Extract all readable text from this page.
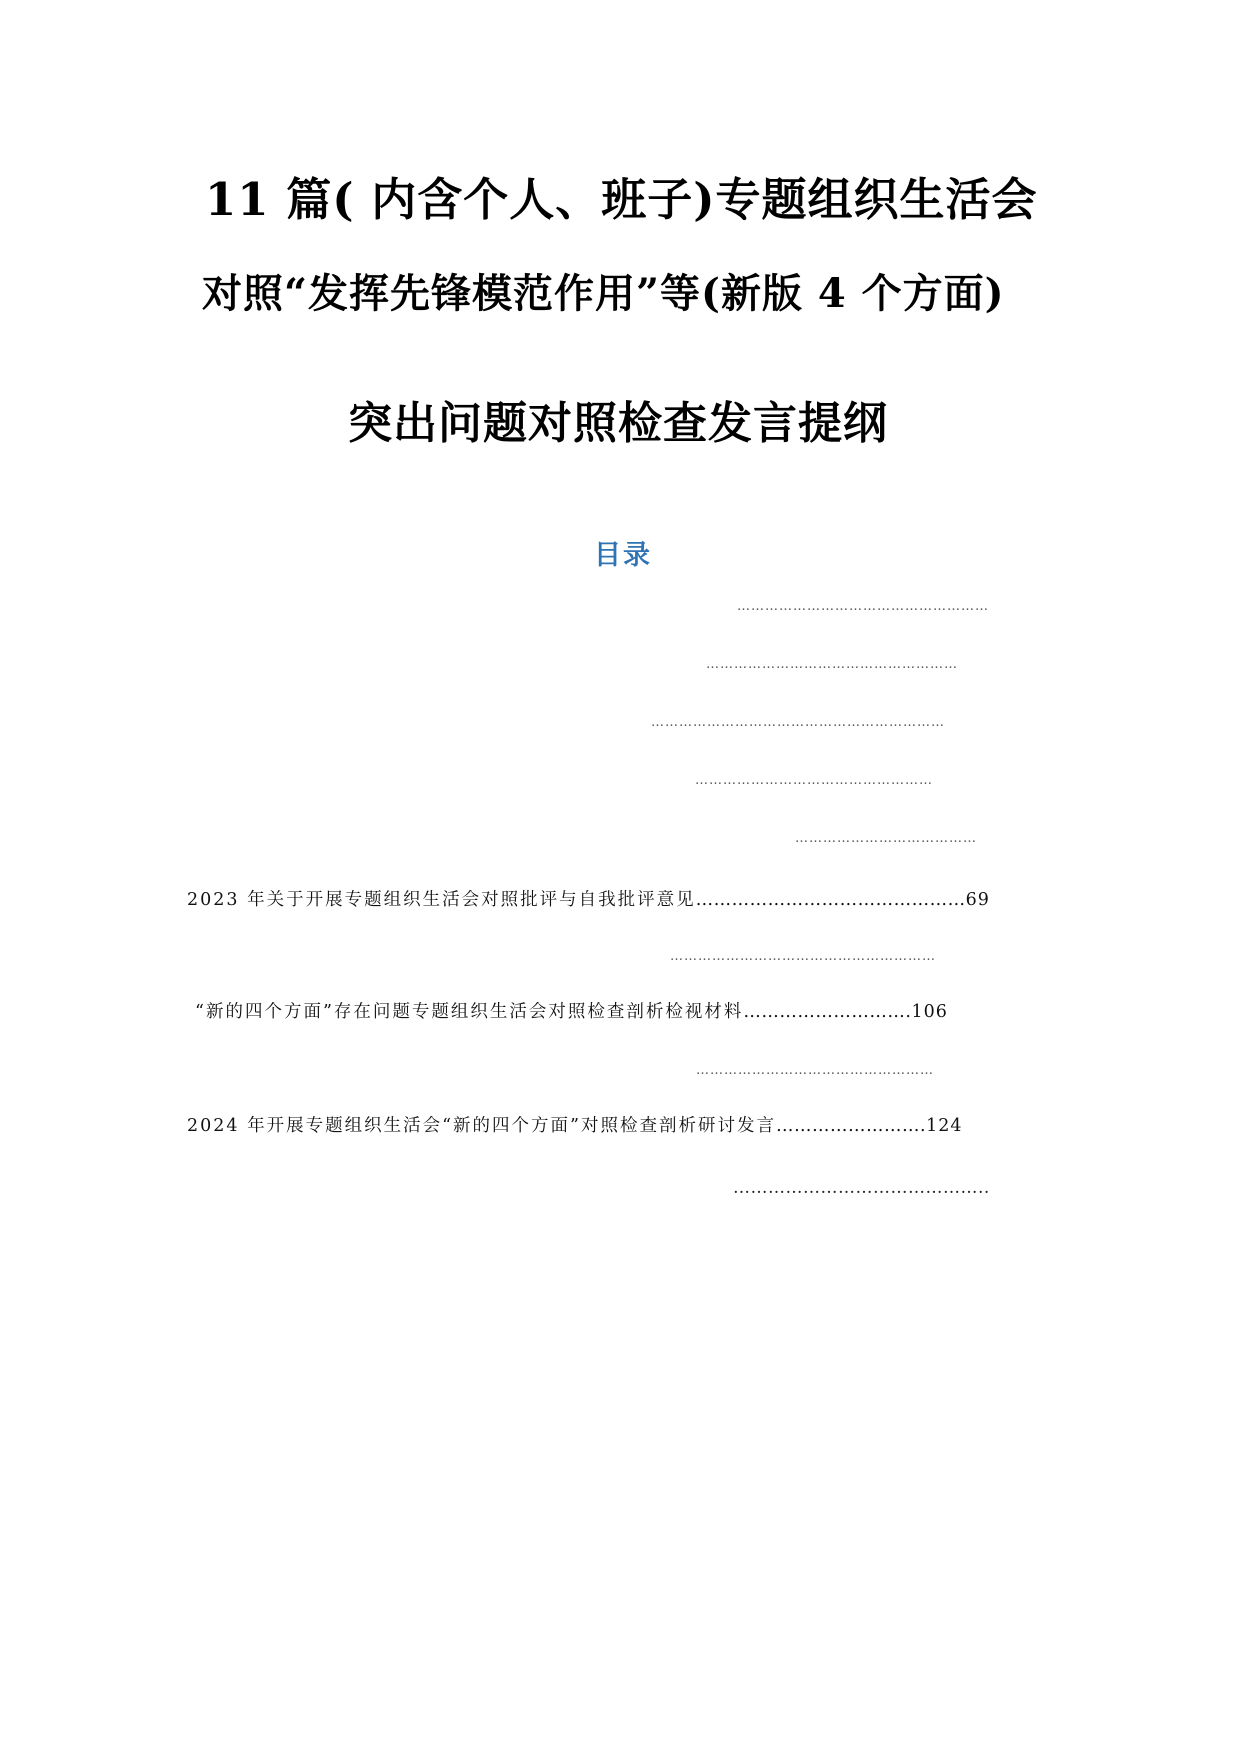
11 篇( 内含个人、班子)专题组织生活会
对照“发挥先锋模范作用”等(新版 4 个方面)
突出问题对照检查发言提纲
目录
………………………………………………
………………………………………………
………………………………………………………
……………………………………………
…………………………………
2023 年关于开展专题组织生活会对照批评与自我批评意见………………………………………69
…………………………………………………
“新的四个方面”存在问题专题组织生活会对照检查剖析检视材料……………………….106
……………………………………………
2024 年开展专题组织生活会“新的四个方面”对照检查剖析研讨发言…………………….124
……………………………………..
